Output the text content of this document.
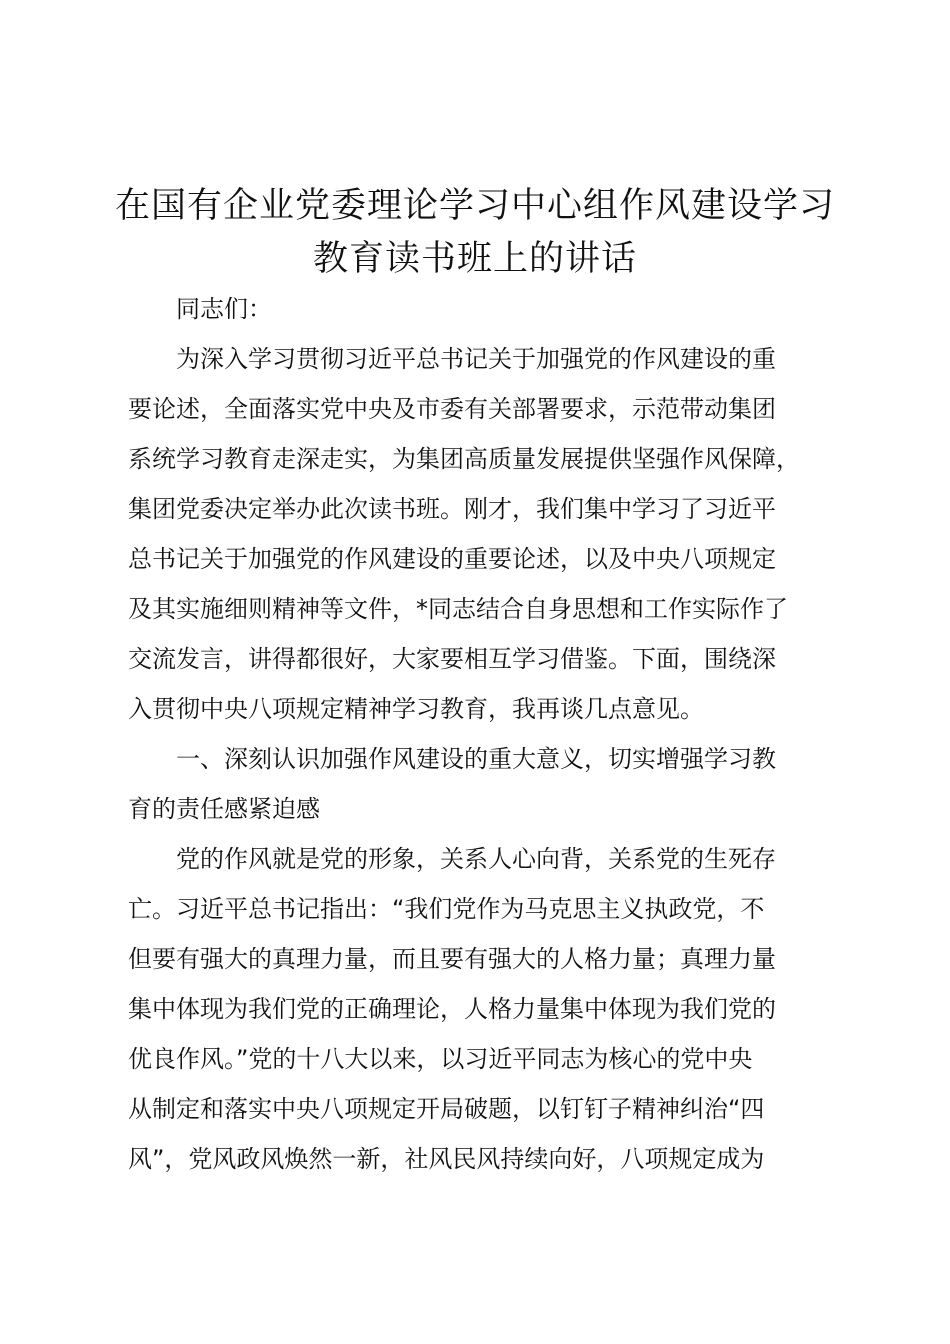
在国有企业党委理论学习中心组作风建设学习
教育读书班上的讲话

同志们：

为深入学习贯彻习近平总书记关于加强党的作风建设的重
要论述，全面落实党中央及市委有关部署要求，示范带动集团
系统学习教育走深走实，为集团高质量发展提供坚强作风保障，
集团党委决定举办此次读书班。刚才，我们集中学习了习近平
总书记关于加强党的作风建设的重要论述，以及中央八项规定
及其实施细则精神等文件，*同志结合自身思想和工作实际作了
交流发言，讲得都很好，大家要相互学习借鉴。下面，围绕深
入贯彻中央八项规定精神学习教育，我再谈几点意见。

一、深刻认识加强作风建设的重大意义，切实增强学习教
育的责任感紧迫感

党的作风就是党的形象，关系人心向背，关系党的生死存
亡。习近平总书记指出：“我们党作为马克思主义执政党，不
但要有强大的真理力量，而且要有强大的人格力量；真理力量
集中体现为我们党的正确理论，人格力量集中体现为我们党的
优良作风。”党的十八大以来，以习近平同志为核心的党中央
从制定和落实中央八项规定开局破题，以钉钉子精神纠治“四
风”，党风政风焕然一新，社风民风持续向好，八项规定成为
